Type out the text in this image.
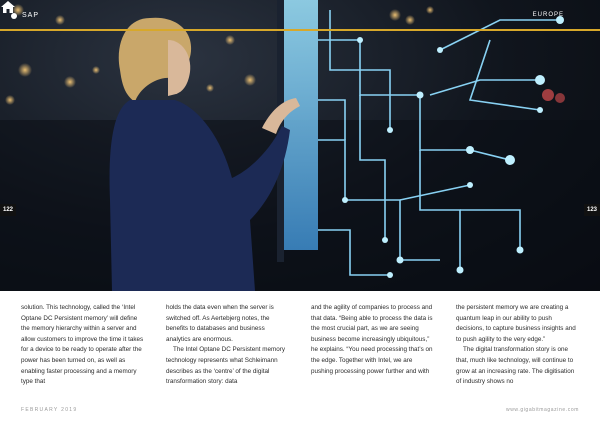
SAP	EUROPE
122	123

solution. This technology, called the ‘Intel Optane DC Persistent memory’ will define the memory hierarchy within a server and allow customers to improve the time it takes for a device to be ready to operate after the power has been turned on, as well as enabling faster processing and a memory type that

holds the data even when the server is switched off. As Aertebjerg notes, the benefits to databases and business analytics are enormous.

The Intel Optane DC Persistent memory technology represents what Schleimann describes as the ‘centre’ of the digital transformation story: data

and the agility of companies to process and that data. “Being able to process the data is the most crucial part, as we are seeing business become increasingly ubiquitous,” he explains. “You need processing that’s on the edge. Together with Intel, we are pushing processing power further and with

the persistent memory we are creating a quantum leap in our ability to push decisions, to capture business insights and to push agility to the very edge.”

The digital transformation story is one that, much like technology, will continue to grow at an increasing rate. The digitisation of industry shows no

FEBRUARY 2019	www.gigabitmagazine.com
